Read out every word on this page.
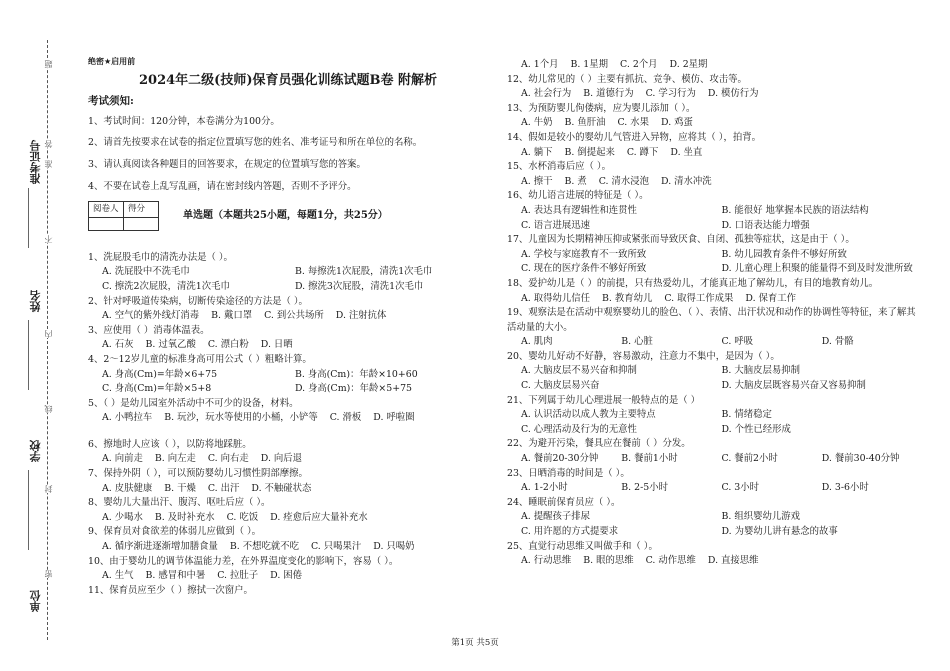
准考证号
姓名
学校
单位
题
答
准
不
内
线
封
密
绝密★启用前
2024年二级(技师)保育员强化训练试题B卷 附解析
考试须知:

1、考试时间：120分钟，本卷满分为100分。

2、请首先按要求在试卷的指定位置填写您的姓名、准考证号和所在单位的名称。

3、请认真阅读各种题目的回答要求，在规定的位置填写您的答案。

4、不要在试卷上乱写乱画，请在密封线内答题，否则不予评分。

阅卷人	得分

单选题（本题共25小题，每题1分，共25分）
1、洗屁股毛巾的清洗办法是（ ）。
A. 洗屁股中不洗毛巾	B. 每擦洗1次屁股，清洗1次毛巾
C. 擦洗2次屁股，清洗1次毛巾	D. 擦洗3次屁股，清洗1次毛巾
2、针对呼吸道传染病，切断传染途径的方法是（ ）。
A. 空气的紫外线灯消毒 B. 戴口罩 C. 到公共场所 D. 注射抗体
3、应使用（ ）消毒体温表。
A. 石灰 B. 过氧乙酸 C. 漂白粉 D. 日晒
4、2～12岁儿童的标准身高可用公式（ ）粗略计算。
A. 身高(Cm)=年龄×6+75	B. 身高(Cm)：年龄×10+60
C. 身高(Cm)=年龄×5+8	D. 身高(Cm)：年龄×5+75
5、（ ）是幼儿园室外活动中不可少的设备，材料。
A. 小鸭拉车 B. 玩沙，玩水等使用的小桶，小铲等 C. 滑板 D. 呼啦圈
6、擦地时人应该（ ），以防将地踩脏。
A. 向前走 B. 向左走 C. 向右走 D. 向后退
7、保持外阴（ ），可以预防婴幼儿习惯性阴部摩擦。
A. 皮肤健康 B. 干燥 C. 出汗 D. 不触碰状态
8、婴幼儿大量出汗、腹泻、呕吐后应（ ）。
A. 少喝水 B. 及时补充水 C. 吃饭 D. 痊愈后应大量补充水
9、保育员对食欲差的体弱儿应做到（ ）。
A. 循序渐进逐渐增加膳食量 B. 不想吃就不吃 C. 只喝果汁 D. 只喝奶
10、由于婴幼儿的调节体温能力差，在外界温度变化的影响下，容易（ ）。
A. 生气 B. 感冒和中暑 C. 拉肚子 D. 困倦
11、保育员应至少（ ）擦拭一次窗户。
A. 1个月 B. 1星期 C. 2个月 D. 2星期
12、幼儿常见的（ ）主要有抓抗、竞争、模仿、攻击等。
A. 社会行为 B. 道德行为 C. 学习行为 D. 模仿行为
13、为预防婴儿佝偻病，应为婴儿添加（ ）。
A. 牛奶 B. 鱼肝油 C. 水果 D. 鸡蛋
14、假如是较小的婴幼儿气管进入异物，应将其（ ），拍背。
A. 躺下 B. 倒提起来 C. 蹲下 D. 坐直
15、水杯消毒后应（ ）。
A. 擦干 B. 煮 C. 清水浸泡 D. 清水冲洗
16、幼儿语言进展的特征是（ ）。
A. 表达具有逻辑性和连贯性	B. 能很好 地掌握本民族的语法结构
C. 语言进展迅速	D. 口语表达能力增强
17、儿童因为长期精神压抑或紧张而导致厌食、自闭、孤独等症状，这是由于（ ）。
A. 学校与家庭教育不一致所致	B. 幼儿园教育条件不够好所致
C. 现在的医疗条件不够好所致	D. 儿童心理上积聚的能量得不到及时发泄所致
18、爱护幼儿是（ ）的前提，只有热爱幼儿，才能真正地了解幼儿，有目的地教育幼儿。
A. 取得幼儿信任 B. 教育幼儿 C. 取得工作成果 D. 保育工作
19、观察法是在活动中观察婴幼儿的脸色、（ ）、表情、出汗状况和动作的协调性等特征，来了解其活动量的大小。
A. 肌肉	B. 心脏	C. 呼吸	D. 骨骼
20、婴幼儿好动不好静，容易激动，注意力不集中，是因为（ ）。
A. 大脑皮层不易兴奋和抑制	B. 大脑皮层易抑制
C. 大脑皮层易兴奋	D. 大脑皮层既容易兴奋又容易抑制
21、下列属于幼儿心理进展一般特点的是（ ）
A. 认识活动以成人教为主要特点	B. 情绪稳定
C. 心理活动及行为的无意性	D. 个性已经形成
22、为避开污染，餐具应在餐前（ ）分发。
A. 餐前20-30分钟	B. 餐前1小时	C. 餐前2小时	D. 餐前30-40分钟
23、日晒消毒的时间是（ ）。
A. 1-2小时	B. 2-5小时	C. 3小时	D. 3-6小时
24、睡眠前保育员应（ ）。
A. 提醒孩子排尿	B. 组织婴幼儿游戏
C. 用许愿的方式提要求	D. 为婴幼儿讲有悬念的故事
25、直觉行动思维又叫做手和（ ）。
A. 行动思维 B. 眼的思维 C. 动作思维 D. 直接思维
第1页 共5页
